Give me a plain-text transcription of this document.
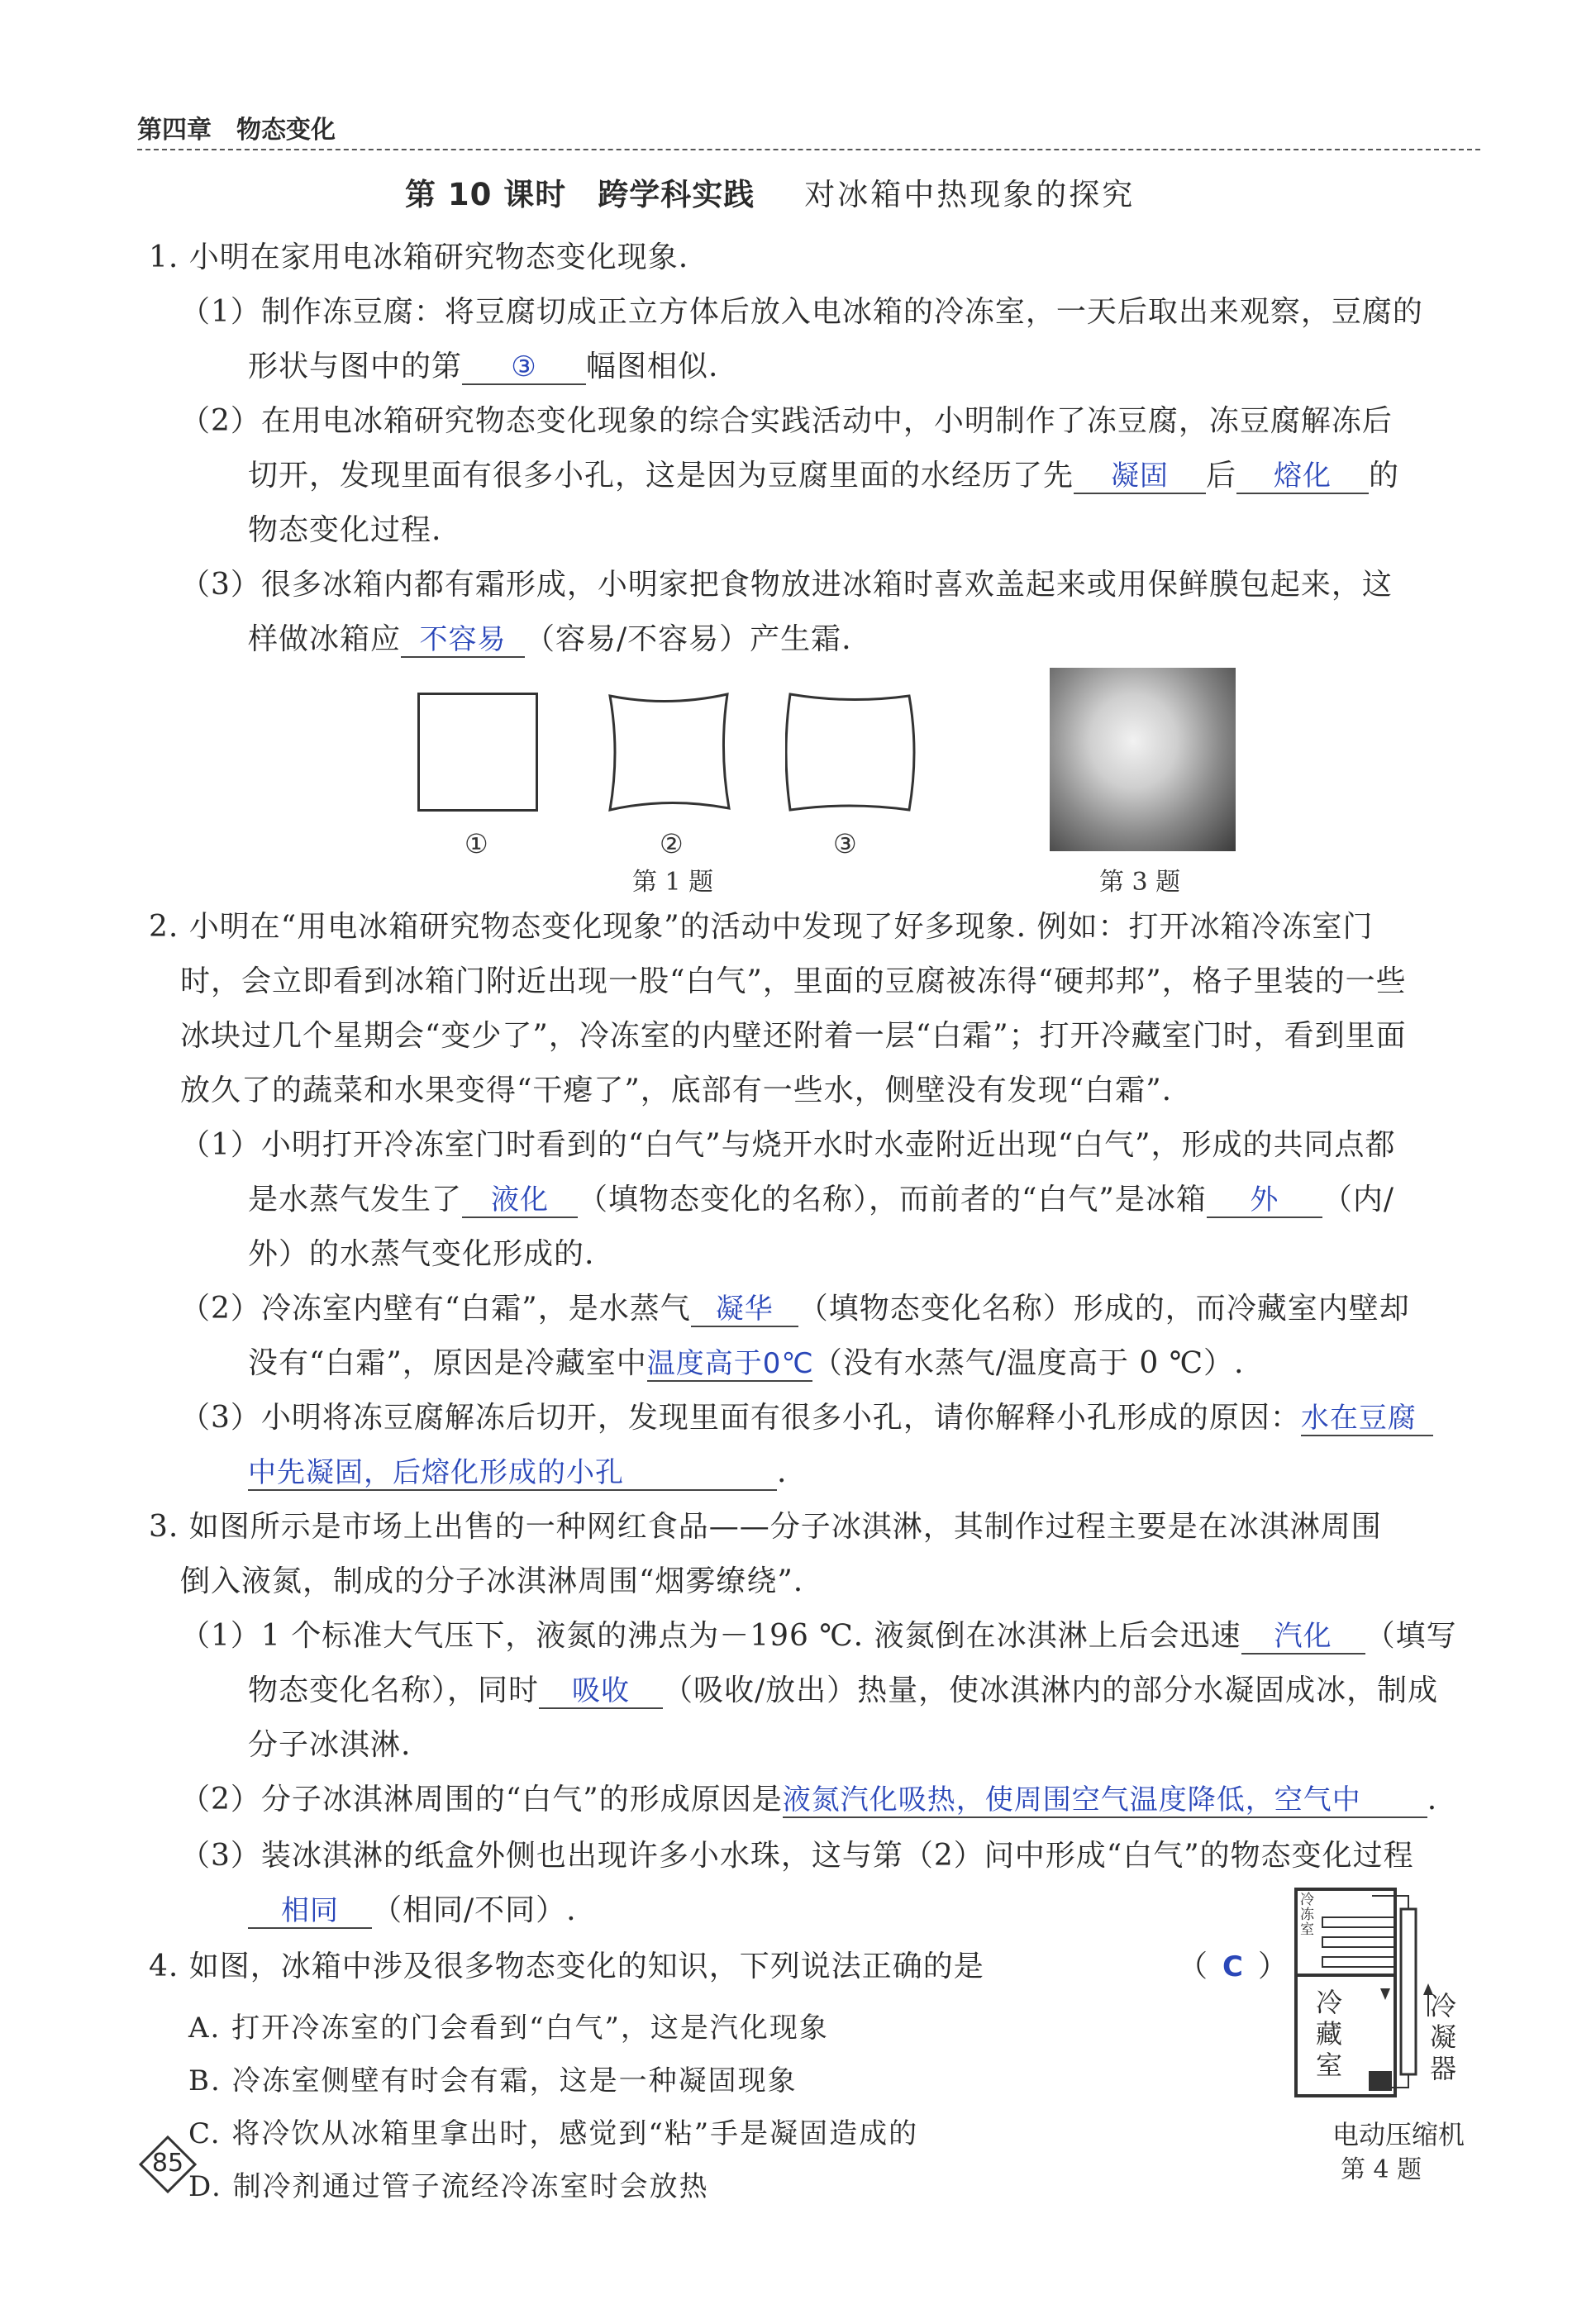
第四章　物态变化
第 10 课时　跨学科实践 对冰箱中热现象的探究
1. 小明在家用电冰箱研究物态变化现象.
（1）制作冻豆腐：将豆腐切成正立方体后放入电冰箱的冷冻室，一天后取出来观察，豆腐的
形状与图中的第 ③ 幅图相似.
（2）在用电冰箱研究物态变化现象的综合实践活动中，小明制作了冻豆腐，冻豆腐解冻后
切开，发现里面有很多小孔，这是因为豆腐里面的水经历了先 凝固 后 熔化 的
物态变化过程.
（3）很多冰箱内都有霜形成，小明家把食物放进冰箱时喜欢盖起来或用保鲜膜包起来，这
样做冰箱应 不容易 （容易/不容易）产生霜.
①	②	③
第 1 题	第 3 题
2. 小明在“用电冰箱研究物态变化现象”的活动中发现了好多现象. 例如：打开冰箱冷冻室门
时，会立即看到冰箱门附近出现一股“白气”，里面的豆腐被冻得“硬邦邦”，格子里装的一些
冰块过几个星期会“变少了”，冷冻室的内壁还附着一层“白霜”；打开冷藏室门时，看到里面
放久了的蔬菜和水果变得“干瘪了”，底部有一些水，侧壁没有发现“白霜”.
（1）小明打开冷冻室门时看到的“白气”与烧开水时水壶附近出现“白气”，形成的共同点都
是水蒸气发生了 液化 （填物态变化的名称），而前者的“白气”是冰箱 外 （内/
外）的水蒸气变化形成的.
（2）冷冻室内壁有“白霜”，是水蒸气 凝华 （填物态变化名称）形成的，而冷藏室内壁却
没有“白霜”，原因是冷藏室中温度高于0℃（没有水蒸气/温度高于 0 ℃）.
（3）小明将冻豆腐解冻后切开，发现里面有很多小孔，请你解释小孔形成的原因：水在豆腐
中先凝固，后熔化形成的小孔	.
3. 如图所示是市场上出售的一种网红食品——分子冰淇淋，其制作过程主要是在冰淇淋周围
倒入液氮，制成的分子冰淇淋周围“烟雾缭绕”.
（1）1 个标准大气压下，液氮的沸点为－196 ℃. 液氮倒在冰淇淋上后会迅速 汽化 （填写
物态变化名称），同时 吸收 （吸收/放出）热量，使冰淇淋内的部分水凝固成冰，制成
分子冰淇淋.
（2）分子冰淇淋周围的“白气”的形成原因是液氮汽化吸热，使周围空气温度降低，空气中 .
（3）装冰淇淋的纸盒外侧也出现许多小水珠，这与第（2）问中形成“白气”的物态变化过程
相同 （相同/不同）.
4. 如图，冰箱中涉及很多物态变化的知识，下列说法正确的是	（ C ）
A. 打开冷冻室的门会看到“白气”，这是汽化现象
B. 冷冻室侧壁有时会有霜，这是一种凝固现象
C. 将冷饮从冰箱里拿出时，感觉到“粘”手是凝固造成的
D. 制冷剂通过管子流经冷冻室时会放热
冷冻室
冷藏室
冷凝器
电动压缩机
第 4 题
85
